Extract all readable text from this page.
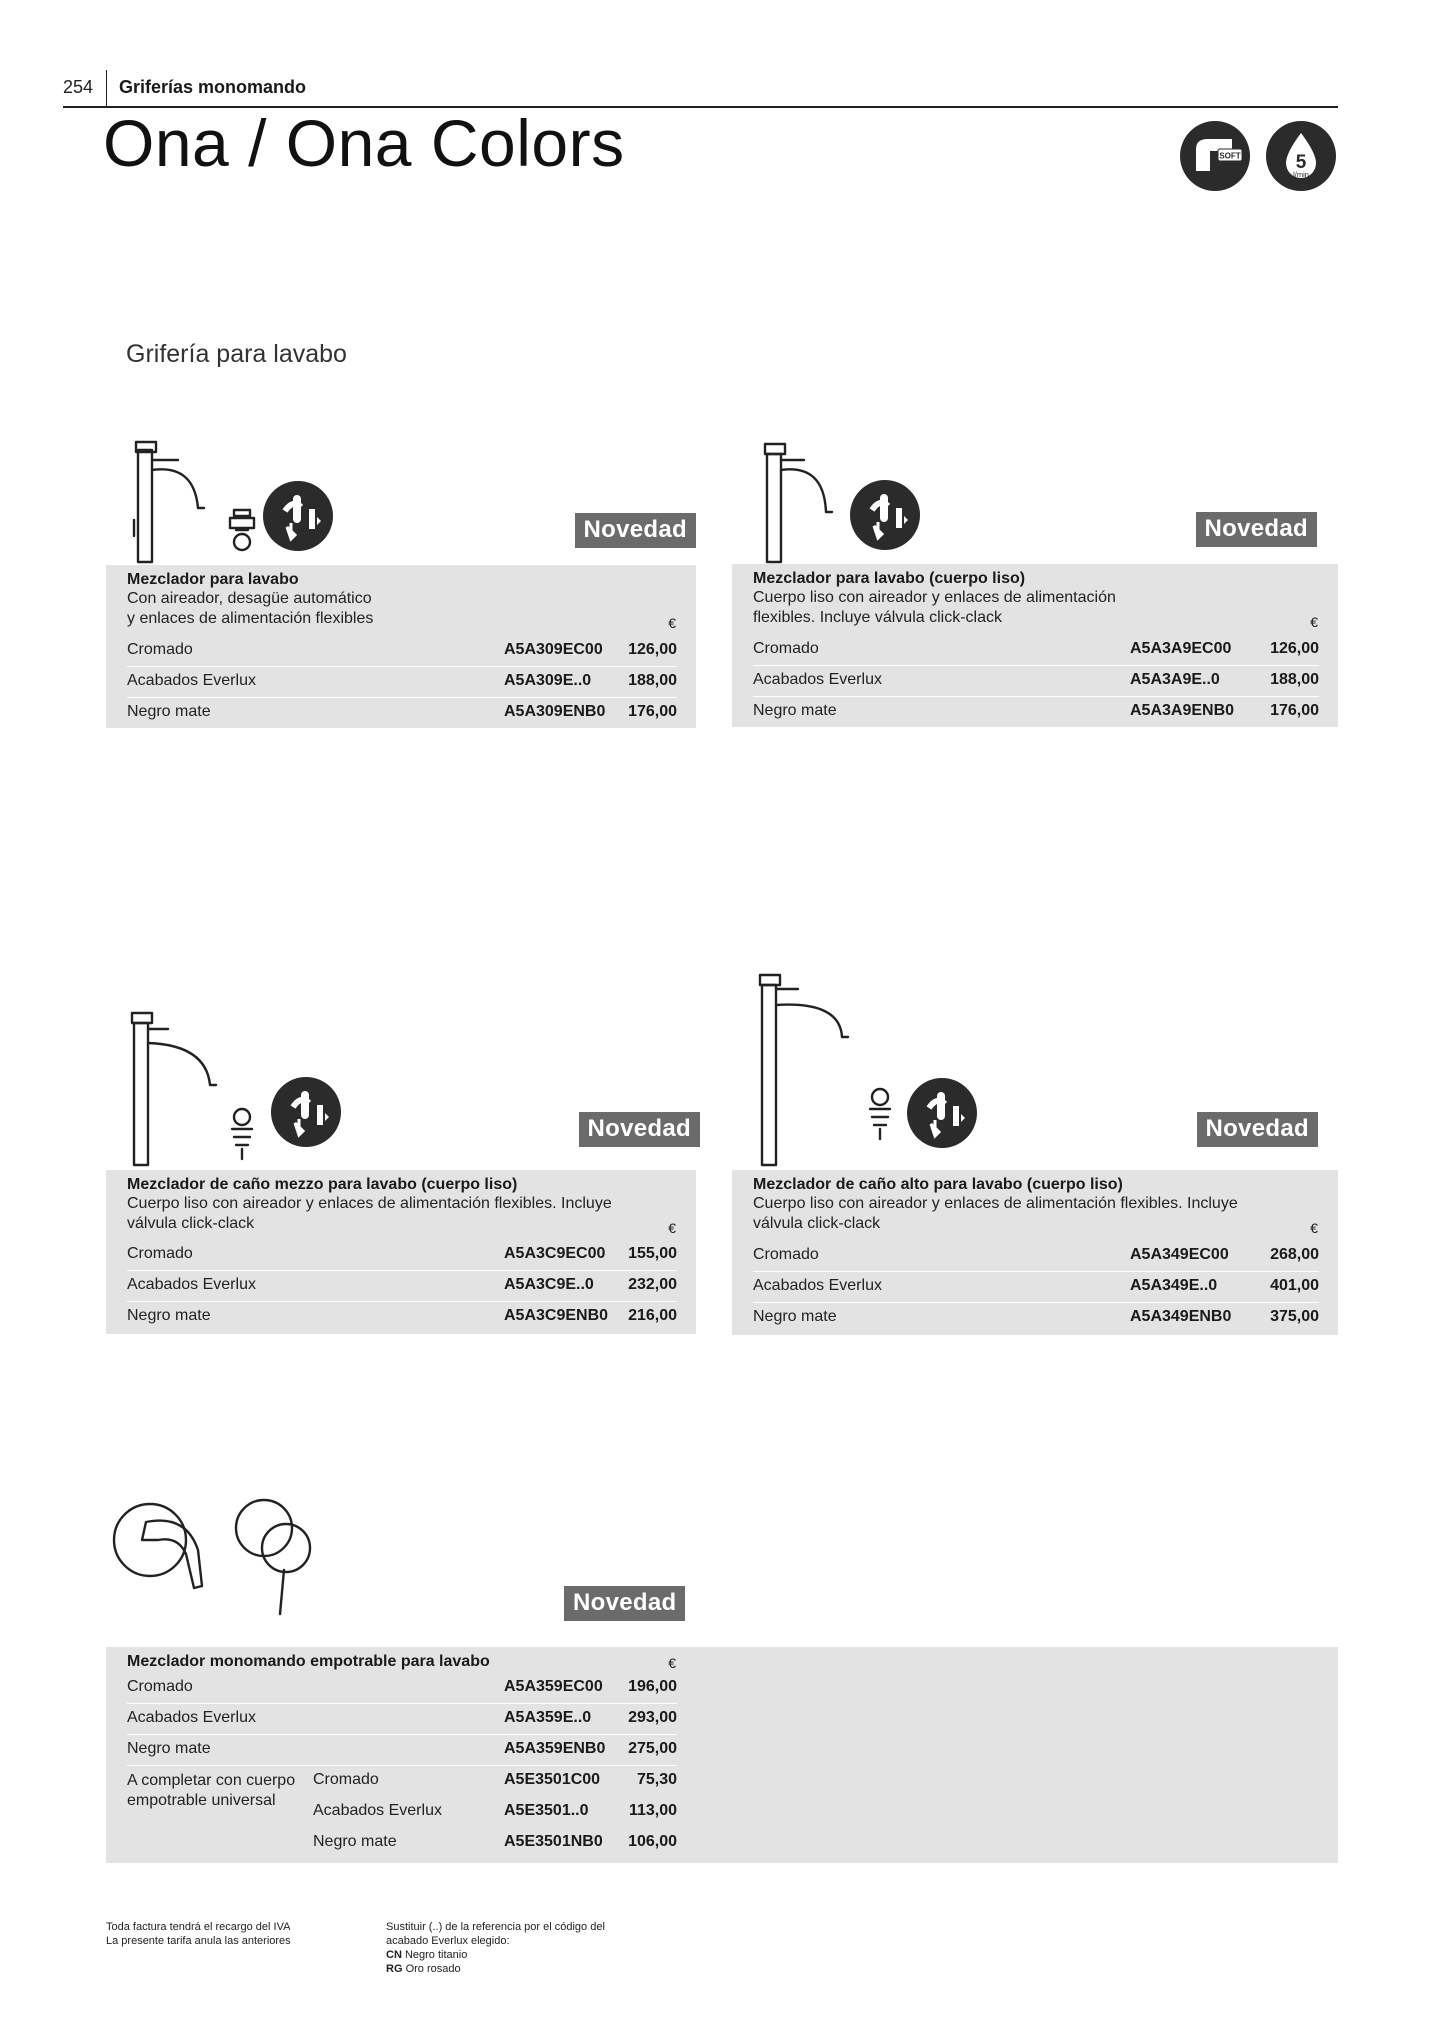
254 Griferías monomando
Ona / Ona Colors	SOFT	5
l/min
Grifería para lavabo
Novedad
Mezclador para lavabo
Con aireador, desagüe automático
y enlaces de alimentación flexibles	€
Cromado	A5A309EC00 126,00
Acabados Everlux	A5A309E..0 188,00
Negro mate	A5A309ENB0 176,00
Novedad
Mezclador para lavabo (cuerpo liso)
Cuerpo liso con aireador y enlaces de alimentación
flexibles. Incluye válvula click-clack	€
Cromado	A5A3A9EC00 126,00
Acabados Everlux	A5A3A9E..0	188,00
Negro mate	A5A3A9ENB0 176,00
Novedad
Mezclador de caño mezzo para lavabo (cuerpo liso)
Cuerpo liso con aireador y enlaces de alimentación flexibles. Incluye
válvula click-clack	€
Cromado	A5A3C9EC00 155,00
Acabados Everlux	A5A3C9E..0 232,00
Negro mate	A5A3C9ENB0 216,00
Novedad
Mezclador de caño alto para lavabo (cuerpo liso)
Cuerpo liso con aireador y enlaces de alimentación flexibles. Incluye
válvula click-clack	€
Cromado	A5A349EC00	268,00
Acabados Everlux	A5A349E..0	401,00
Negro mate	A5A349ENB0 375,00
Novedad
Mezclador monomando empotrable para lavabo	€
Cromado	A5A359EC00 196,00
Acabados Everlux	A5A359E..0 293,00
Negro mate	A5A359ENB0 275,00
A completar con cuerpo
empotrable universal
Cromado	A5E3501C00 75,30
Acabados Everlux	A5E3501..0	113,00
Negro mate	A5E3501NB0 106,00
Toda factura tendrá el recargo del IVA
La presente tarifa anula las anteriores
Sustituir (..) de la referencia por el código del
acabado Everlux elegido:
CN Negro titanio
RG Oro rosado
